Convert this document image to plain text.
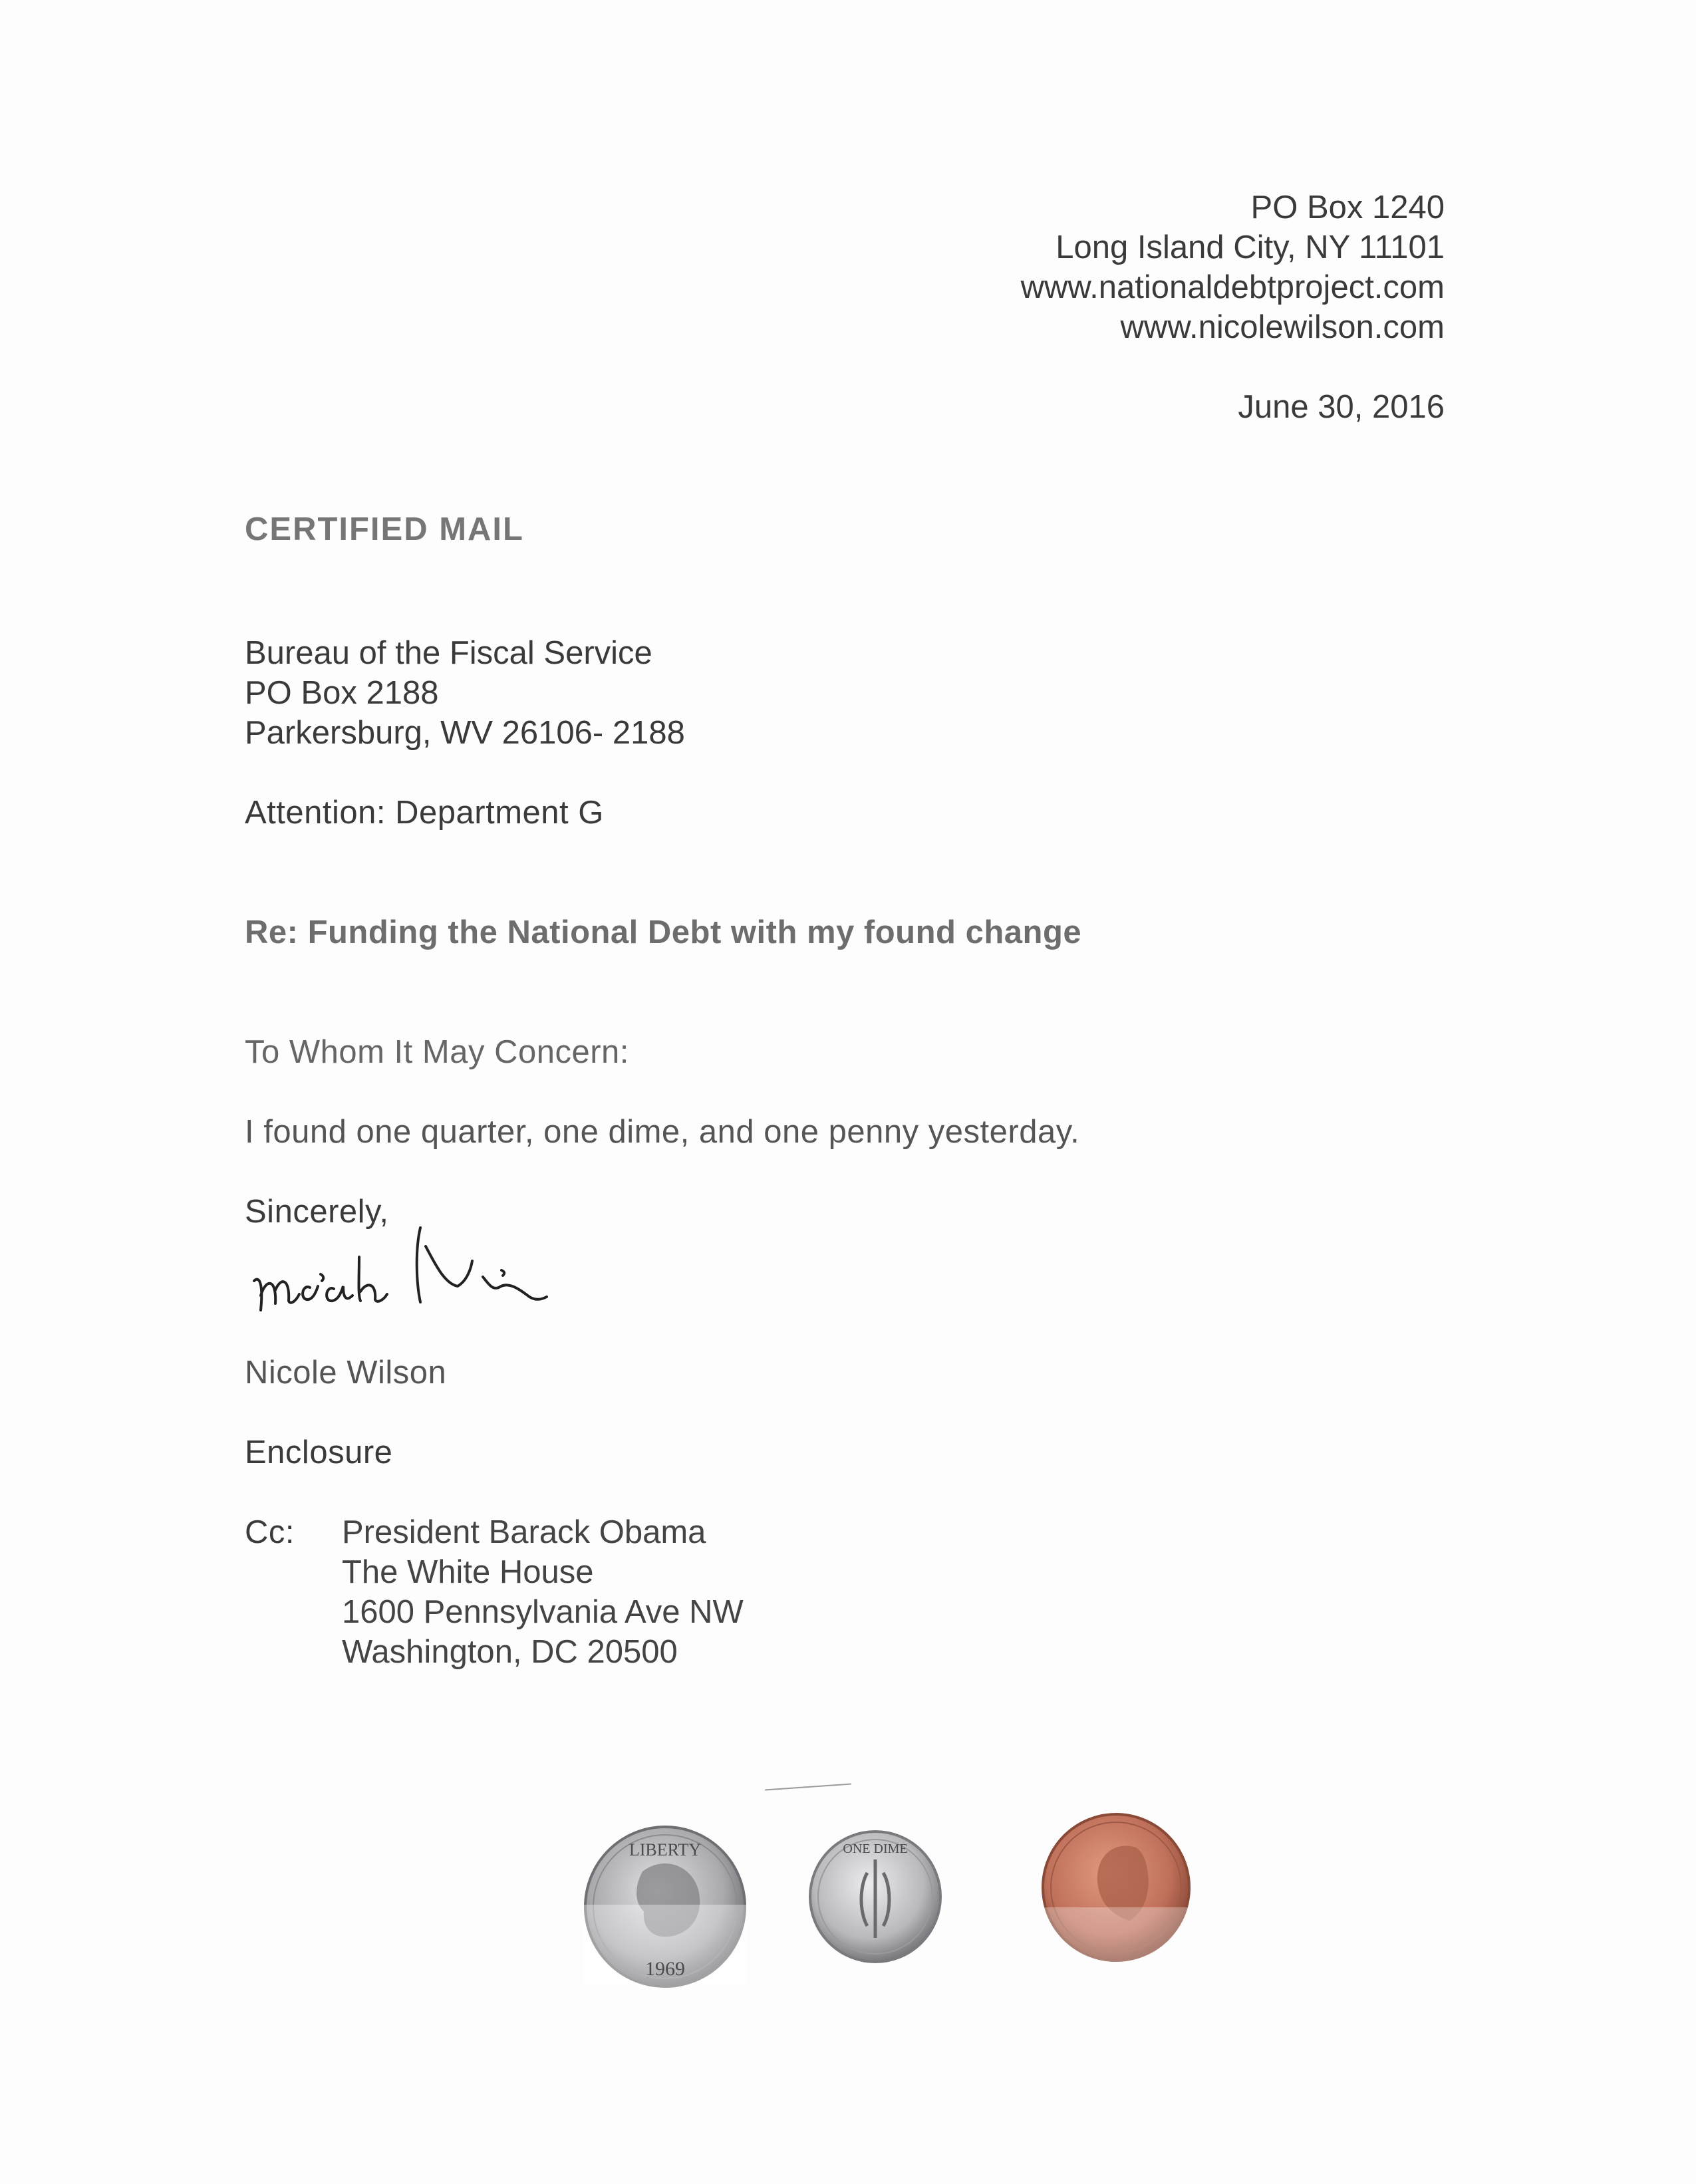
PO Box 1240
Long Island City, NY 11101
www.nationaldebtproject.com
www.nicolewilson.com
June 30, 2016
CERTIFIED MAIL
Bureau of the Fiscal Service
PO Box 2188
Parkersburg, WV 26106- 2188
Attention: Department G
Re: Funding the National Debt with my found change
To Whom It May Concern:
I found one quarter, one dime, and one penny yesterday.
Sincerely,
Nicole Wilson
Enclosure
Cc: President Barack Obama
The White House
1600 Pennsylvania Ave NW
Washington, DC 20500
LIBERTY
1969
ONE DIME
